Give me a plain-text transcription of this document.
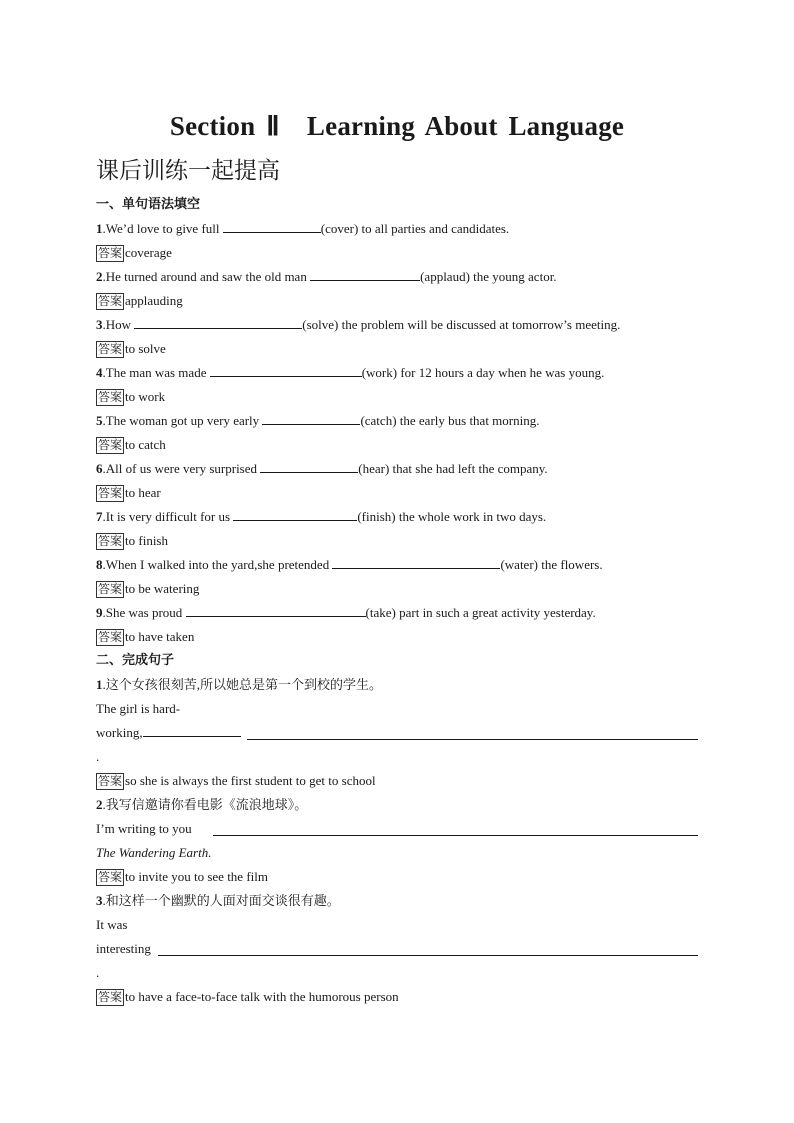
Section Ⅱ　Learning About Language
课后训练一起提高
一、单句语法填空
1.We’d love to give full	(cover) to all parties and candidates.
答案 coverage
2.He turned around and saw the old man	(applaud) the young actor.
答案 applauding
3.How	(solve) the problem will be discussed at tomorrow’s meeting.
答案 to solve
4.The man was made	(work) for 12 hours a day when he was young.
答案 to work
5.The woman got up very early	(catch) the early bus that morning.
答案 to catch
6.All of us were very surprised	(hear) that she had left the company.
答案 to hear
7.It is very difficult for us	(finish) the whole work in two days.
答案 to finish
8.When I walked into the yard,she pretended	(water) the flowers.
答案 to be watering
9.She was proud	(take) part in such a great activity yesterday.
答案 to have taken
二、完成句子
1.这个女孩很刻苦,所以她总是第一个到校的学生。
The girl is hard-
working,
.
答案 so she is always the first student to get to school
2.我写信邀请你看电影《流浪地球》。
I’m writing to you
The Wandering Earth.
答案 to invite you to see the film
3.和这样一个幽默的人面对面交谈很有趣。
It was
interesting
.
答案 to have a face-to-face talk with the humorous person
